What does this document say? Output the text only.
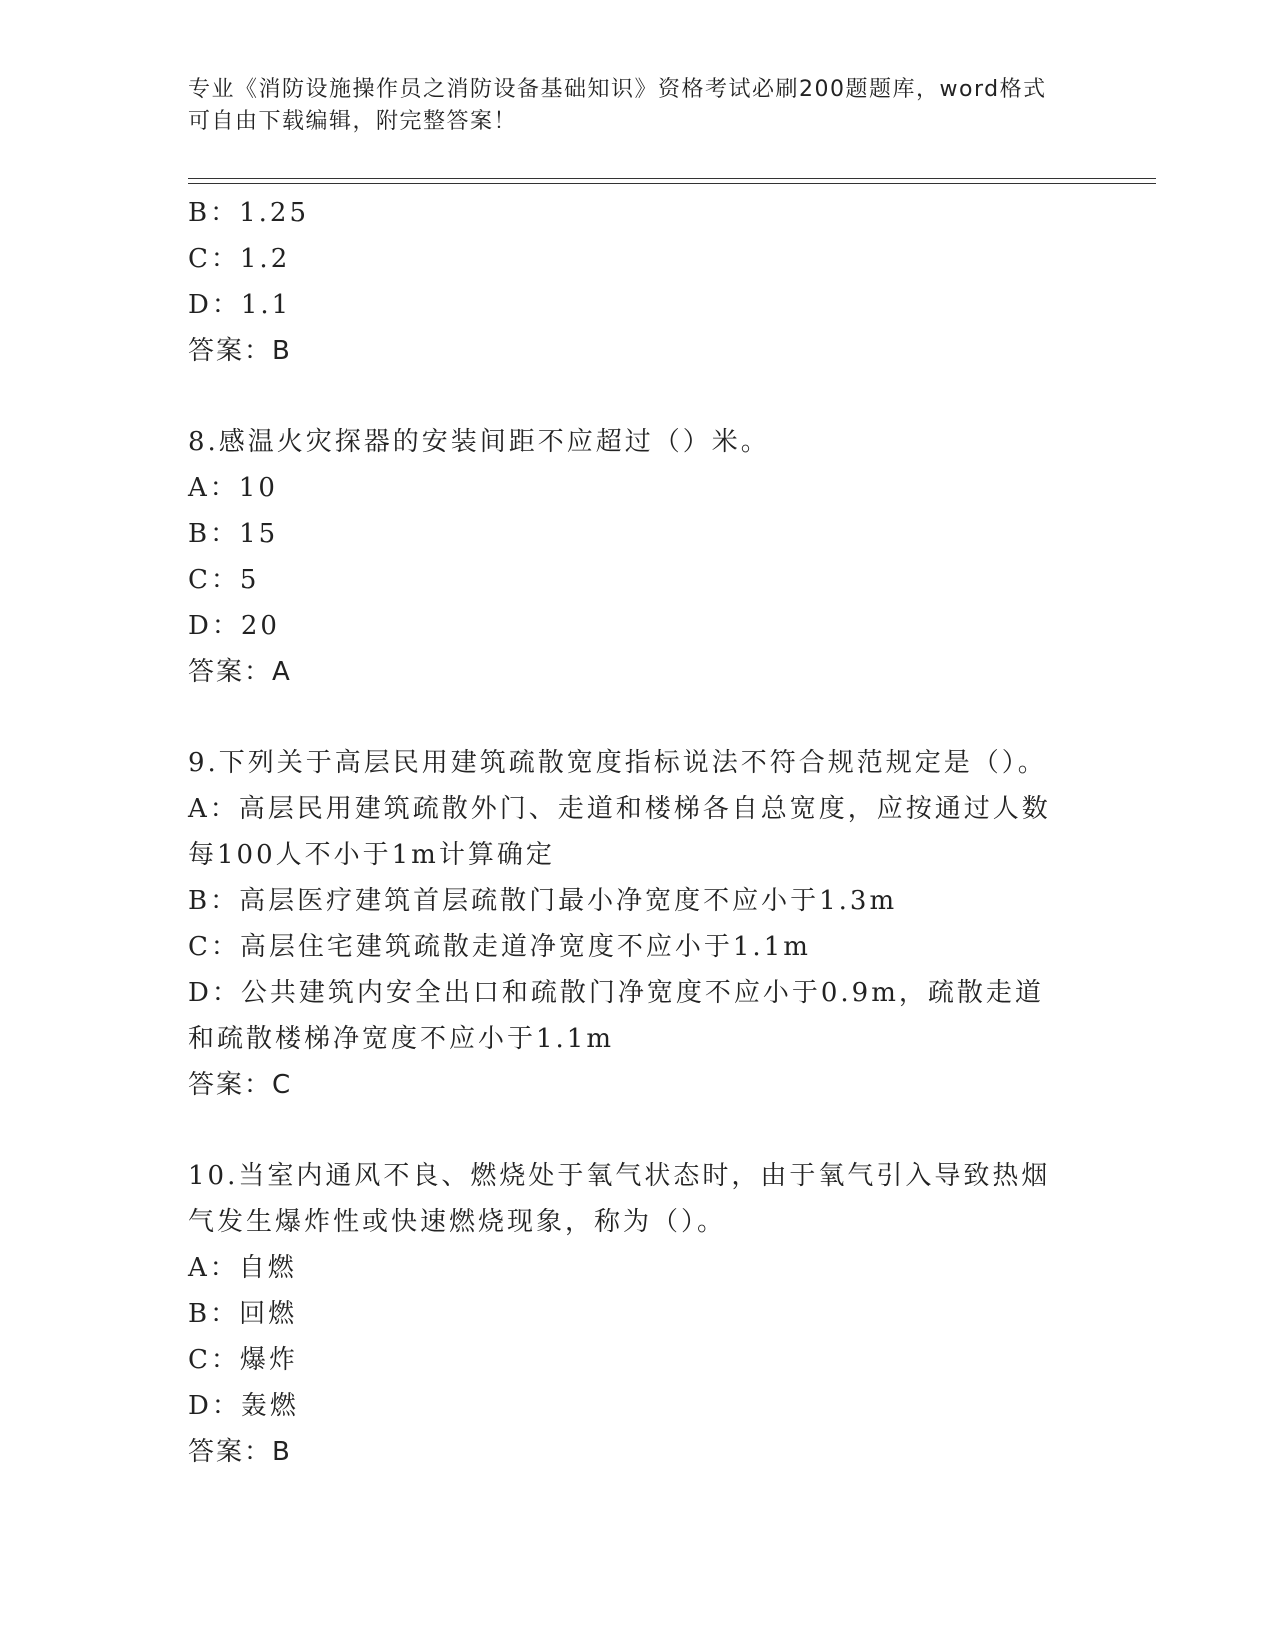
专业《消防设施操作员之消防设备基础知识》资格考试必刷200题题库，word格式可自由下载编辑，附完整答案！
B：1.25
C：1.2
D：1.1
答案：B
8.感温火灾探器的安装间距不应超过（）米。
A：10
B：15
C：5
D：20
答案：A
9.下列关于高层民用建筑疏散宽度指标说法不符合规范规定是（）。
A：高层民用建筑疏散外门、走道和楼梯各自总宽度，应按通过人数每100人不小于1m计算确定
B：高层医疗建筑首层疏散门最小净宽度不应小于1.3m
C：高层住宅建筑疏散走道净宽度不应小于1.1m
D：公共建筑内安全出口和疏散门净宽度不应小于0.9m，疏散走道和疏散楼梯净宽度不应小于1.1m
答案：C
10.当室内通风不良、燃烧处于氧气状态时，由于氧气引入导致热烟气发生爆炸性或快速燃烧现象，称为（）。
A：自燃
B：回燃
C：爆炸
D：轰燃
答案：B
